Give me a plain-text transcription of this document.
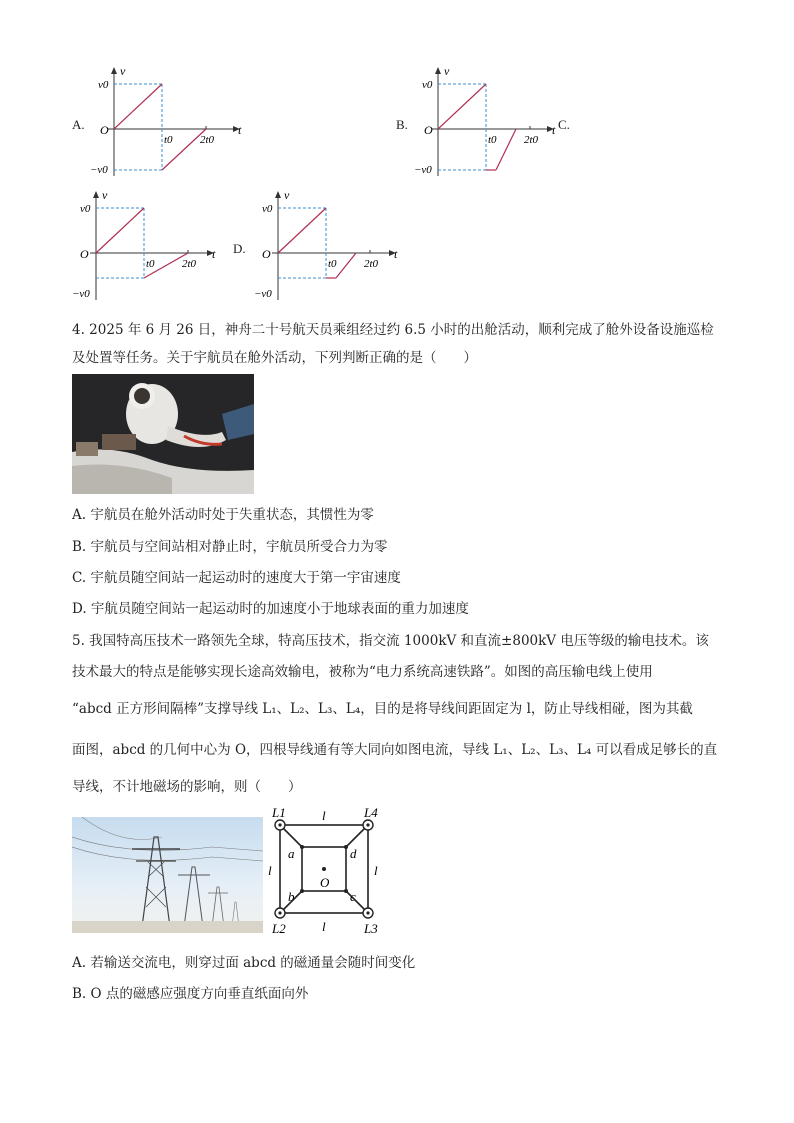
A.	B.	C.
D.
v
t
O
v0
−v0
t0 2t0
v
t
O
v0
−v0
t0 2t0
v
t
O
v0
−v0
t0 2t0
v
t
O
v0
−v0
t0 2t0
4. 2025 年 6 月 26 日，神舟二十号航天员乘组经过约 6.5 小时的出舱活动，顺利完成了舱外设备设施巡检
及处置等任务。关于宇航员在舱外活动，下列判断正确的是（　　）
A. 宇航员在舱外活动时处于失重状态，其惯性为零
B. 宇航员与空间站相对静止时，宇航员所受合力为零
C. 宇航员随空间站一起运动时的速度大于第一宇宙速度
D. 宇航员随空间站一起运动时的加速度小于地球表面的重力加速度
5. 我国特高压技术一路领先全球，特高压技术，指交流 1000kV 和直流±800kV 电压等级的输电技术。该
技术最大的特点是能够实现长途高效输电，被称为“电力系统高速铁路”。如图的高压输电线上使用
“abcd 正方形间隔棒”支撑导线 L₁、L₂、L₃、L₄，目的是将导线间距固定为 l，防止导线相碰，图为其截
面图，abcd 的几何中心为 O，四根导线通有等大同向如图电流，导线 L₁、L₂、L₃、L₄ 可以看成足够长的直
导线，不计地磁场的影响，则（　　）
L1	L4
L2	L3
a	d
b	c
O
l
l
l	l
A. 若输送交流电，则穿过面 abcd 的磁通量会随时间变化
B. O 点的磁感应强度方向垂直纸面向外
